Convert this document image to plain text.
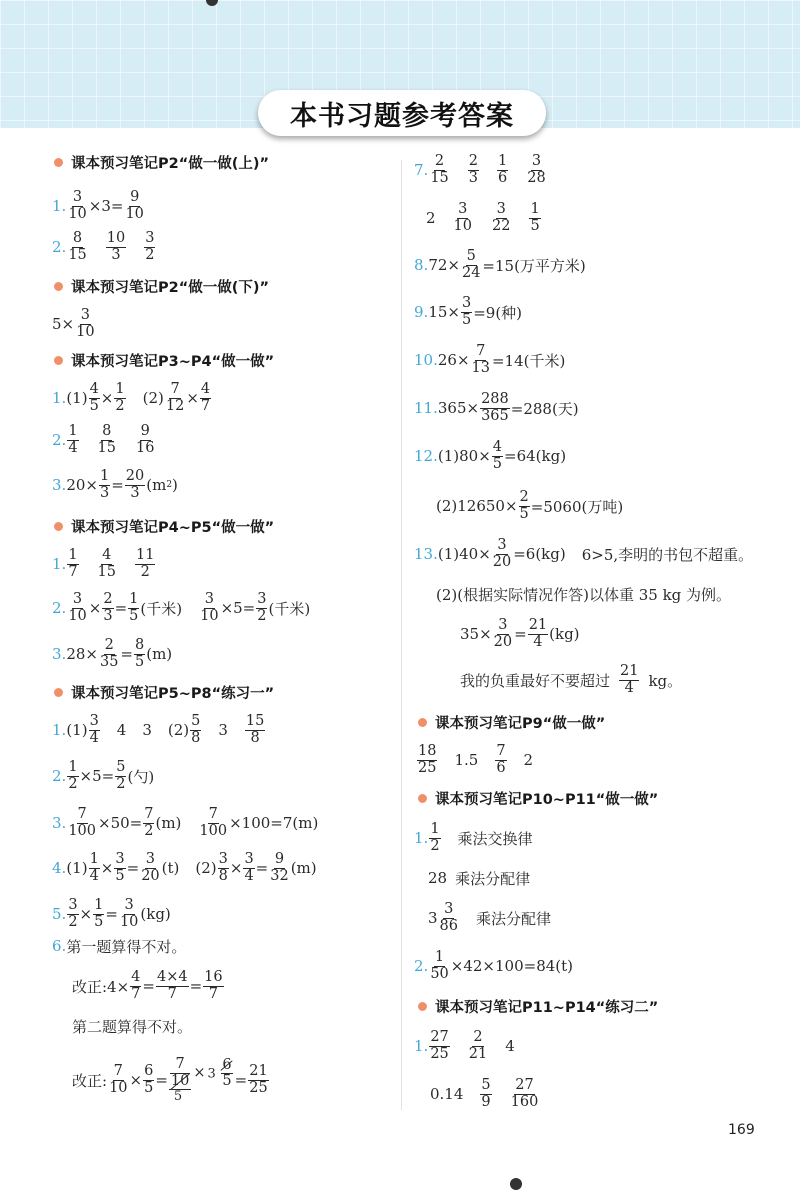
本书习题参考答案
课本预习笔记P2“做一做(上)”
1. $\frac{3}{10} \times 3= \frac{9}{10}$
2. $\frac{8}{15} \frac{10}{3} \frac{3}{2}$
课本预习笔记P2“做一做(下)”
$5\times \frac{3}{10}$
课本预习笔记P3~P4“做一做”
1. $(1) \frac{4}{5} \times \frac{1}{2} (2) \frac{7}{12} \times \frac{4}{7}$
2. $\frac{1}{4} \frac{8}{15} \frac{9}{16}$
3. $20\times \frac{1}{3} = \frac{20}{3} (m$ 2 )
课本预习笔记P4~P5“做一做”
1. $\frac{1}{7} \frac{4}{15} \frac{11}{2}$
2. $\frac{3}{10} \times \frac{2}{3} = \frac{1}{5}$ (千米) $\frac{3}{10} \times 5= \frac{3}{2}$ (千米)
3. $28\times \frac{2}{35} = \frac{8}{5} (m)$
课本预习笔记P5~P8“练习一”
1. $(1) \frac{3}{4} 4$ 3 $(2) \frac{5}{8} 3 \frac{15}{8}$
2. $\frac{1}{2} \times 5= \frac{5}{2}$ (勺)
3. $\frac{7}{100} \times 50= \frac{7}{2} (m) \frac{7}{100} \times 100=7(m)$
4. $(1) \frac{1}{4} \times \frac{3}{5} = \frac{3}{20} (t)$ $(2) \frac{3}{8} \times \frac{3}{4} = \frac{9}{32} (m)$
5. $\frac{3}{2} \times \frac{1}{5} = \frac{3}{10} (kg)$
6. 第一题算得不对。
改正:4× $\frac{4}{7} = \frac{4\times 4}{7} = \frac{16}{7}$
第二题算得不对。
改正: $\frac{7}{10} \times \frac{6}{5} = \frac{7}{10} \times 3 \frac{6}{5}$
5
= $\frac{21}{25}$
7. $\frac{2}{15} \frac{2}{3} \frac{1}{6} \frac{3}{28}$
$2 \frac{3}{10} \frac{3}{22} \frac{1}{5}$
8. $72\times \frac{5}{24} =15$(万平方米)
9. $15\times \frac{3}{5} =9$(种)
10. $26\times \frac{7}{13} =14$(千米)
11. $365\times \frac{288}{365} =288$(天)
12. $(1)80\times \frac{4}{5} =64(kg)$
$(2)12650\times \frac{2}{5} =5060$(万吨)
13. $(1)40\times \frac{3}{20} =6(kg)$ 6>5,李明的书包不超重。
(2)(根据实际情况作答)以体重 35 kg 为例。
$35\times \frac{3}{20} = \frac{21}{4} (kg)$
我的负重最好不要超过 $\frac{21}{4}$ kg。
课本预习笔记P9“做一做”
$\frac{18}{25} 1.5 \frac{7}{6} 2$
课本预习笔记P10~P11“做一做”
1. $\frac{1}{2}$ 乘法交换律
28 乘法分配律
$3 \frac{3}{86}$ 乘法分配律
2. $\frac{1}{50} \times 42\times 100=84(t)$
课本预习笔记P11~P14“练习二”
1. $\frac{27}{25} \frac{2}{21} 4$
$0.14 \frac{5}{9} \frac{27}{160}$
169
